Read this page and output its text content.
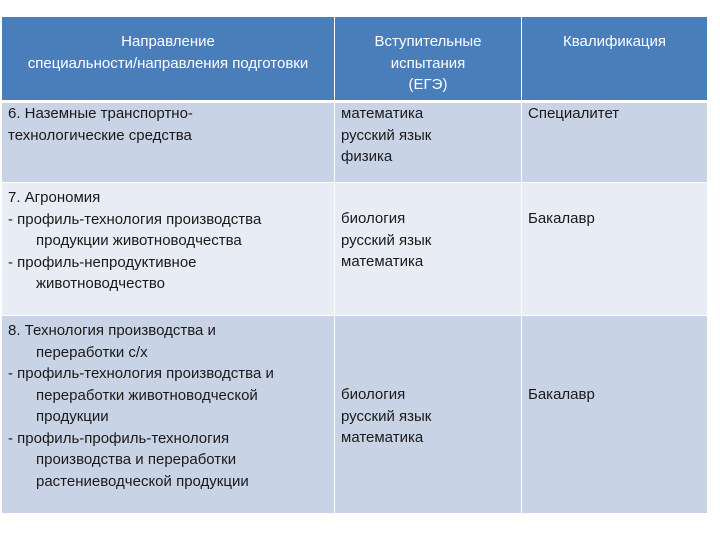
Направление
специальности/направления подготовки
Вступительные
испытания
(ЕГЭ)
Квалификация
6. Наземные транспортно-
технологические средства
математика
русский язык
физика
Специалитет
7. Агрономия
- профиль-технология производства
продукции животноводчества
- профиль-непродуктивное
животноводчество
биология
русский язык
математика
Бакалавр
8. Технология производства и
переработки с/х
- профиль-технология производства и
переработки животноводческой
продукции
- профиль-профиль-технология
производства и переработки
растениеводческой продукции
биология
русский язык
математика
Бакалавр
